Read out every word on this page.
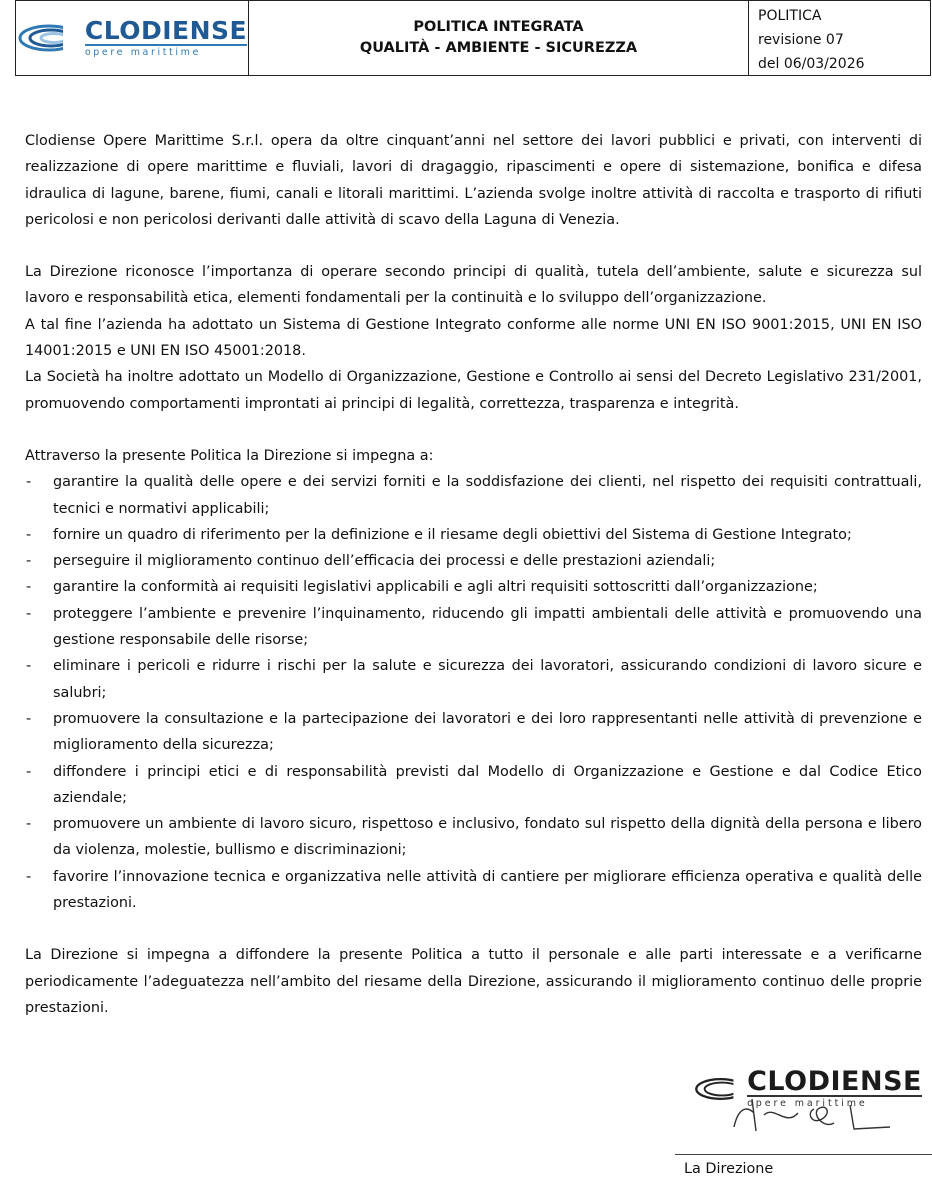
CLODIENSE
opere marittime
POLITICA INTEGRATA
QUALITÀ - AMBIENTE - SICUREZZA
POLITICA
revisione 07
del 06/03/2026

Clodiense Opere Marittime S.r.l. opera da oltre cinquant’anni nel settore dei lavori pubblici e privati, con interventi di realizzazione di opere marittime e fluviali, lavori di dragaggio, ripascimenti e opere di sistemazione, bonifica e difesa idraulica di lagune, barene, fiumi, canali e litorali marittimi. L’azienda svolge inoltre attività di raccolta e trasporto di rifiuti pericolosi e non pericolosi derivanti dalle attività di scavo della Laguna di Venezia.

La Direzione riconosce l’importanza di operare secondo principi di qualità, tutela dell’ambiente, salute e sicurezza sul lavoro e responsabilità etica, elementi fondamentali per la continuità e lo sviluppo dell’organizzazione.

A tal fine l’azienda ha adottato un Sistema di Gestione Integrato conforme alle norme UNI EN ISO 9001:2015, UNI EN ISO 14001:2015 e UNI EN ISO 45001:2018.

La Società ha inoltre adottato un Modello di Organizzazione, Gestione e Controllo ai sensi del Decreto Legislativo 231/2001, promuovendo comportamenti improntati ai principi di legalità, correttezza, trasparenza e integrità.

Attraverso la presente Politica la Direzione si impegna a:

- garantire la qualità delle opere e dei servizi forniti e la soddisfazione dei clienti, nel rispetto dei requisiti contrattuali, tecnici e normativi applicabili;
- fornire un quadro di riferimento per la definizione e il riesame degli obiettivi del Sistema di Gestione Integrato;
- perseguire il miglioramento continuo dell’efficacia dei processi e delle prestazioni aziendali;
- garantire la conformità ai requisiti legislativi applicabili e agli altri requisiti sottoscritti dall’organizzazione;
- proteggere l’ambiente e prevenire l’inquinamento, riducendo gli impatti ambientali delle attività e promuovendo una gestione responsabile delle risorse;
- eliminare i pericoli e ridurre i rischi per la salute e sicurezza dei lavoratori, assicurando condizioni di lavoro sicure e salubri;
- promuovere la consultazione e la partecipazione dei lavoratori e dei loro rappresentanti nelle attività di prevenzione e miglioramento della sicurezza;
- diffondere i principi etici e di responsabilità previsti dal Modello di Organizzazione e Gestione e dal Codice Etico aziendale;
- promuovere un ambiente di lavoro sicuro, rispettoso e inclusivo, fondato sul rispetto della dignità della persona e libero da violenza, molestie, bullismo e discriminazioni;
- favorire l’innovazione tecnica e organizzativa nelle attività di cantiere per migliorare efficienza operativa e qualità delle prestazioni.

La Direzione si impegna a diffondere la presente Politica a tutto il personale e alle parti interessate e a verificarne periodicamente l’adeguatezza nell’ambito del riesame della Direzione, assicurando il miglioramento continuo delle proprie prestazioni.

CLODIENSE
opere marittime
La Direzione
